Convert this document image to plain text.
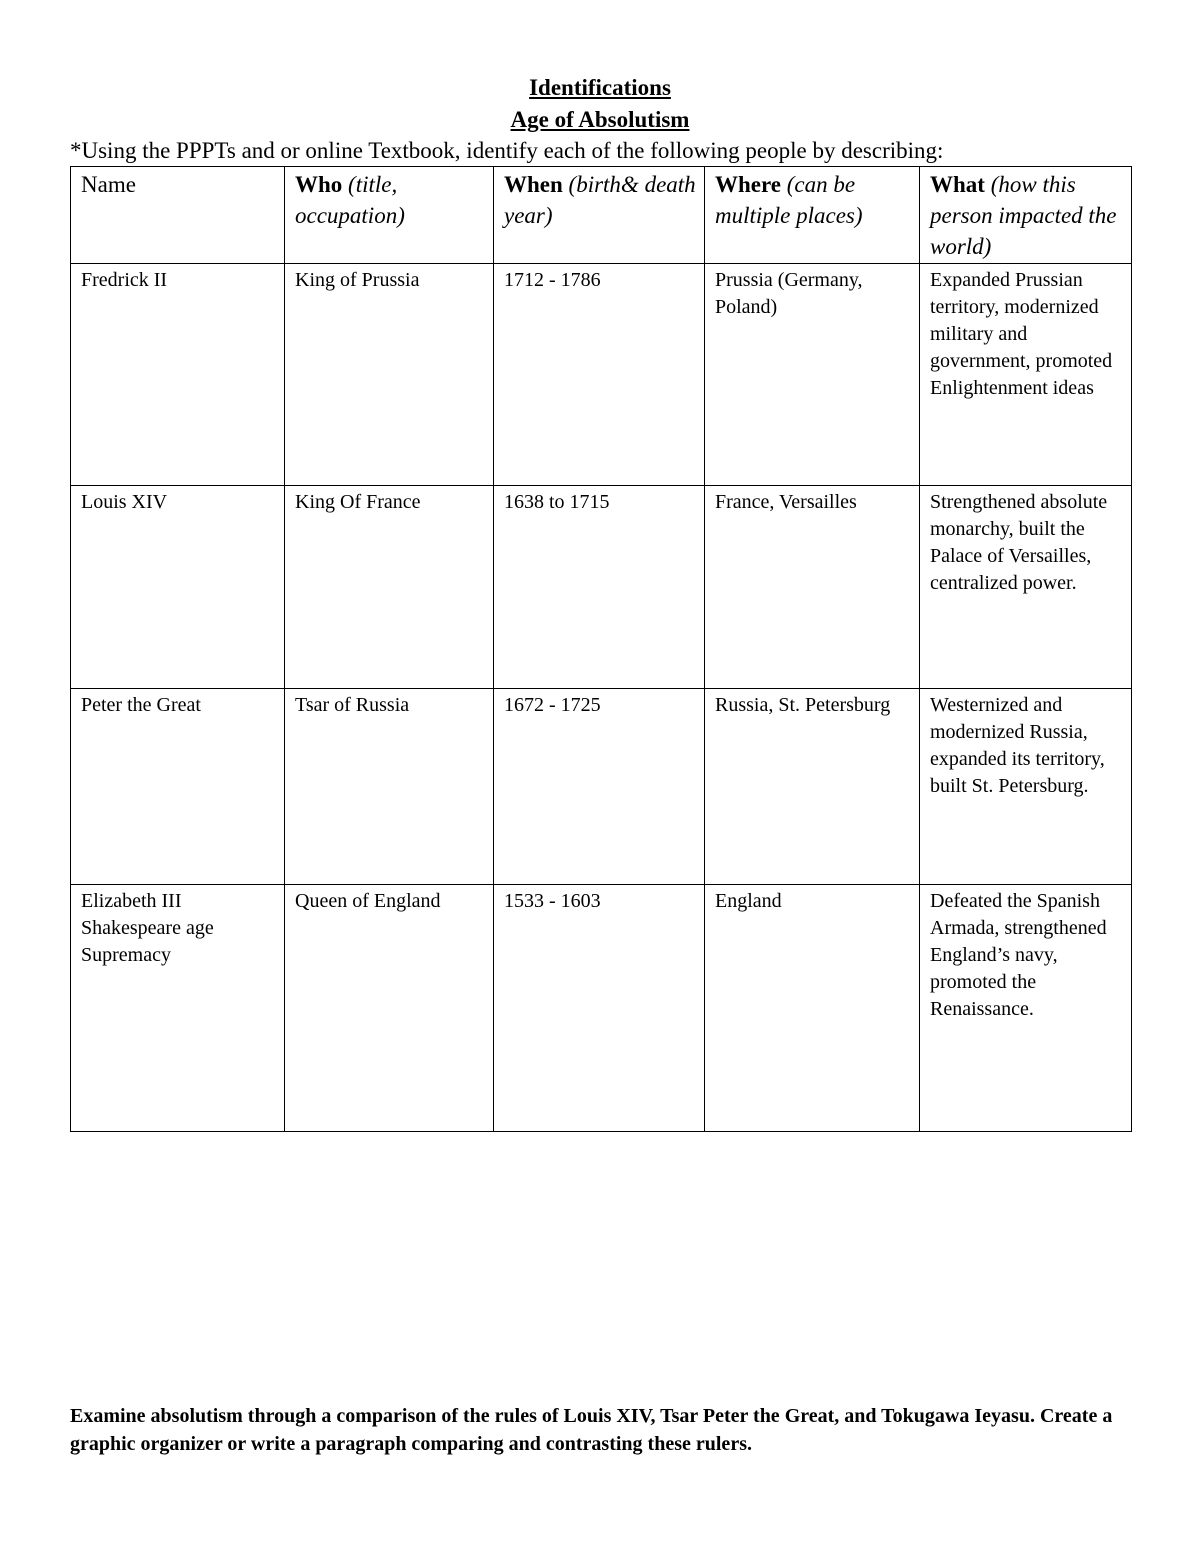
Identifications
Age of Absolutism
*Using the PPPTs and or online Textbook, identify each of the following people by describing:
Name	Who (title, occupation)	When (birth& death year)	Where (can be multiple places)	What (how this person impacted the world)

Fredrick II	King of Prussia	1712 - 1786	Prussia (Germany, Poland)	Expanded Prussian territory, modernized military and government, promoted Enlightenment ideas

Louis XIV	King Of France	1638 to 1715	France, Versailles	Strengthened absolute monarchy, built the Palace of Versailles, centralized power.

Peter the Great	Tsar of Russia	1672 - 1725	Russia, St. Petersburg	Westernized and modernized Russia, expanded its territory, built St. Petersburg.

Elizabeth III
Shakespeare age
Supremacy	Queen of England	1533 - 1603	England	Defeated the Spanish Armada, strengthened England’s navy, promoted the Renaissance.
Examine absolutism through a comparison of the rules of Louis XIV, Tsar Peter the Great, and Tokugawa Ieyasu. Create a graphic organizer or write a paragraph comparing and contrasting these rulers.
